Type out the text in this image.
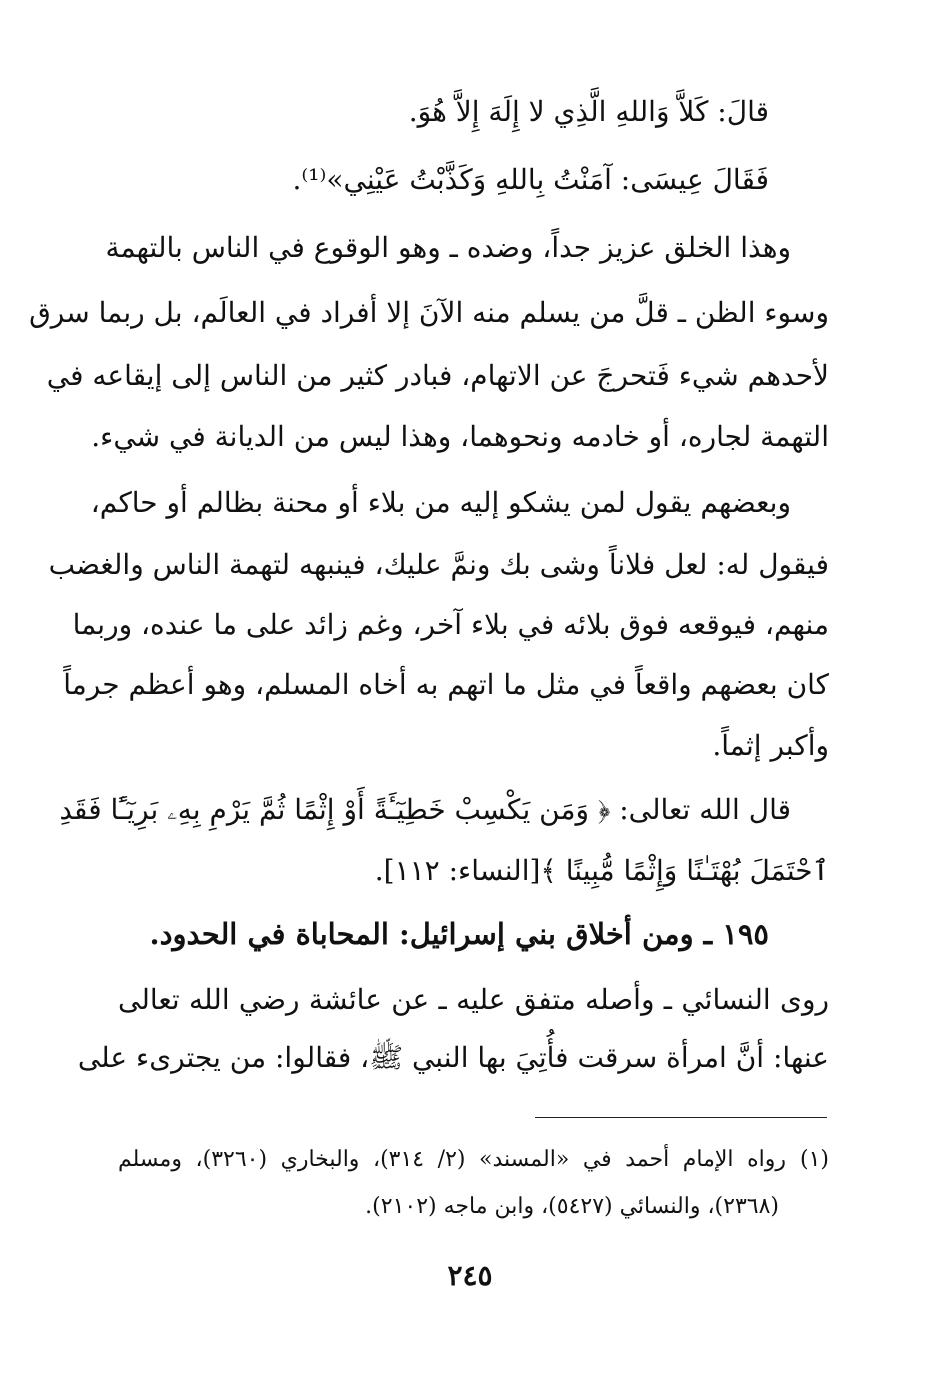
قالَ: كَلاَّ وَاللهِ الَّذِي لا إِلَهَ إِلاَّ هُوَ.
فَقَالَ عِيسَى: آمَنْتُ بِاللهِ وَكَذَّبْتُ عَيْنِي»⁽¹⁾.
وهذا الخلق عزيز جداً، وضده ـ وهو الوقوع في الناس بالتهمة
وسوء الظن ـ قلَّ من يسلم منه الآنَ إلا أفراد في العالَم، بل ربما سرق
لأحدهم شيء فَتحرجَ عن الاتهام، فبادر كثير من الناس إلى إيقاعه في
التهمة لجاره، أو خادمه ونحوهما، وهذا ليس من الديانة في شيء.
وبعضهم يقول لمن يشكو إليه من بلاء أو محنة بظالم أو حاكم،
فيقول له: لعل فلاناً وشى بك ونمَّ عليك، فينبهه لتهمة الناس والغضب
منهم، فيوقعه فوق بلائه في بلاء آخر، وغم زائد على ما عنده، وربما
كان بعضهم واقعاً في مثل ما اتهم به أخاه المسلم، وهو أعظم جرماً
وأكبر إثماً.
قال الله تعالى: ﴿ وَمَن يَكْسِبْ خَطِيٓـَٔةً أَوْ إِثْمًا ثُمَّ يَرْمِ بِهِۦ بَرِيٓـًٔا فَقَدِ
ٱحْتَمَلَ بُهْتَـٰنًا وَإِثْمًا مُّبِينًا ﴾[النساء: ١١٢].
١٩٥ ـ ومن أخلاق بني إسرائيل: المحاباة في الحدود.
روى النسائي ـ وأصله متفق عليه ـ عن عائشة رضي الله تعالى
عنها: أنَّ امرأة سرقت فأُتِيَ بها النبي ﷺ، فقالوا: من يجترىء على
(١)رواه الإمام أحمد في «المسند» (٢/ ٣١٤)، والبخاري (٣٢٦٠)، ومسلم
(٢٣٦٨)، والنسائي (٥٤٢٧)، وابن ماجه (٢١٠٢).
٢٤٥
